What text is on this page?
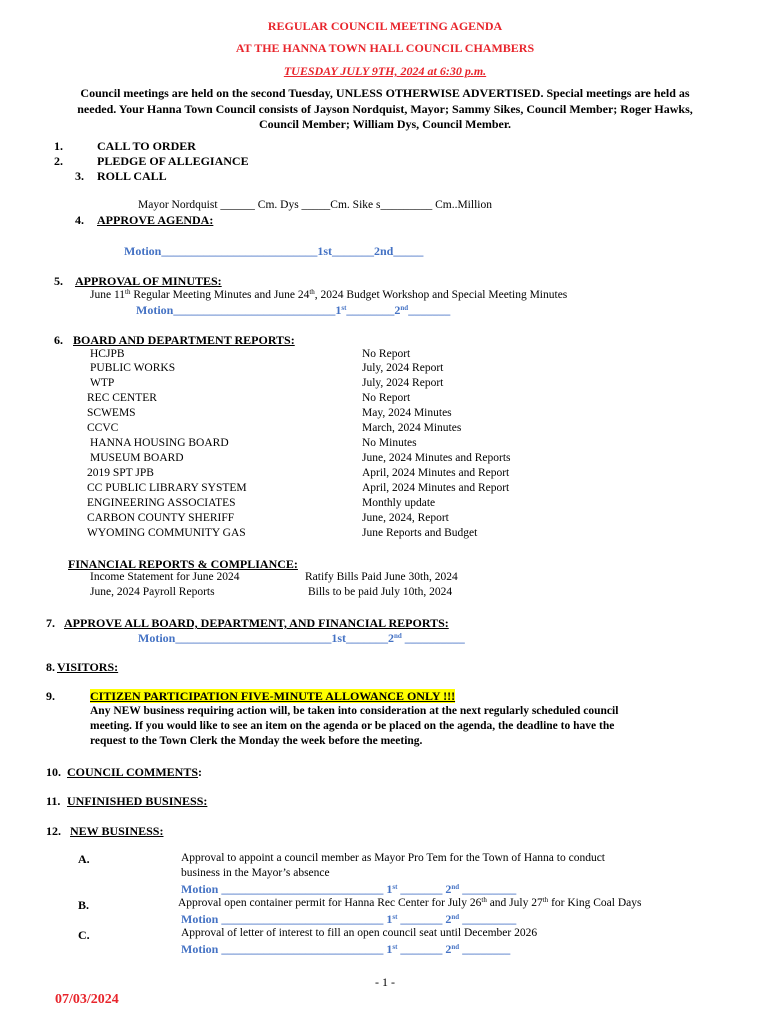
REGULAR COUNCIL MEETING AGENDA
AT THE HANNA TOWN HALL COUNCIL CHAMBERS
TUESDAY JULY 9TH, 2024 at 6:30 p.m.
Council meetings are held on the second Tuesday, UNLESS OTHERWISE ADVERTISED. Special meetings are held as
needed. Your Hanna Town Council consists of Jayson Nordquist, Mayor; Sammy Sikes, Council Member; Roger Hawks,
Council Member; William Dys, Council Member.
1.	CALL TO ORDER
2.	PLEDGE OF ALLEGIANCE
3. ROLL CALL
Mayor Nordquist ______ Cm. Dys _____Cm. Sike s_________ Cm..Million
4. APPROVE AGENDA:
Motion__________________________1st_______2nd_____
5. APPROVAL OF MINUTES:
June 11th Regular Meeting Minutes and June 24th, 2024 Budget Workshop and Special Meeting Minutes
Motion___________________________1st________2nd_______
6. BOARD AND DEPARTMENT REPORTS:
HCJPB	No Report
PUBLIC WORKS	July, 2024 Report
WTP	July, 2024 Report
REC CENTER	No Report
SCWEMS	May, 2024 Minutes
CCVC	March, 2024 Minutes
HANNA HOUSING BOARD	No Minutes
MUSEUM BOARD	June, 2024 Minutes and Reports
2019 SPT JPB	April, 2024 Minutes and Report
CC PUBLIC LIBRARY SYSTEM	April, 2024 Minutes and Report
ENGINEERING ASSOCIATES	Monthly update
CARBON COUNTY SHERIFF	June, 2024, Report
WYOMING COMMUNITY GAS	June Reports and Budget
FINANCIAL REPORTS & COMPLIANCE:
Income Statement for June 2024	Ratify Bills Paid June 30th, 2024
June, 2024 Payroll Reports	Bills to be paid July 10th, 2024
7. APPROVE ALL BOARD, DEPARTMENT, AND FINANCIAL REPORTS:
Motion__________________________1st_______2nd __________
8. VISITORS:
9.	CITIZEN PARTICIPATION FIVE-MINUTE ALLOWANCE ONLY !!!
Any NEW business requiring action will, be taken into consideration at the next regularly scheduled council
meeting. If you would like to see an item on the agenda or be placed on the agenda, the deadline to have the
request to the Town Clerk the Monday the week before the meeting.
10. COUNCIL COMMENTS:
11. UNFINISHED BUSINESS:
12. NEW BUSINESS:
A.	Approval to appoint a council member as Mayor Pro Tem for the Town of Hanna to conduct
business in the Mayor’s absence
Motion ___________________________ 1st _______ 2nd _________
B.	Approval open container permit for Hanna Rec Center for July 26th and July 27th for King Coal Days
Motion ___________________________ 1st _______ 2nd _________
C.	Approval of letter of interest to fill an open council seat until December 2026
Motion ___________________________ 1st _______ 2nd ________
- 1 -
07/03/2024
